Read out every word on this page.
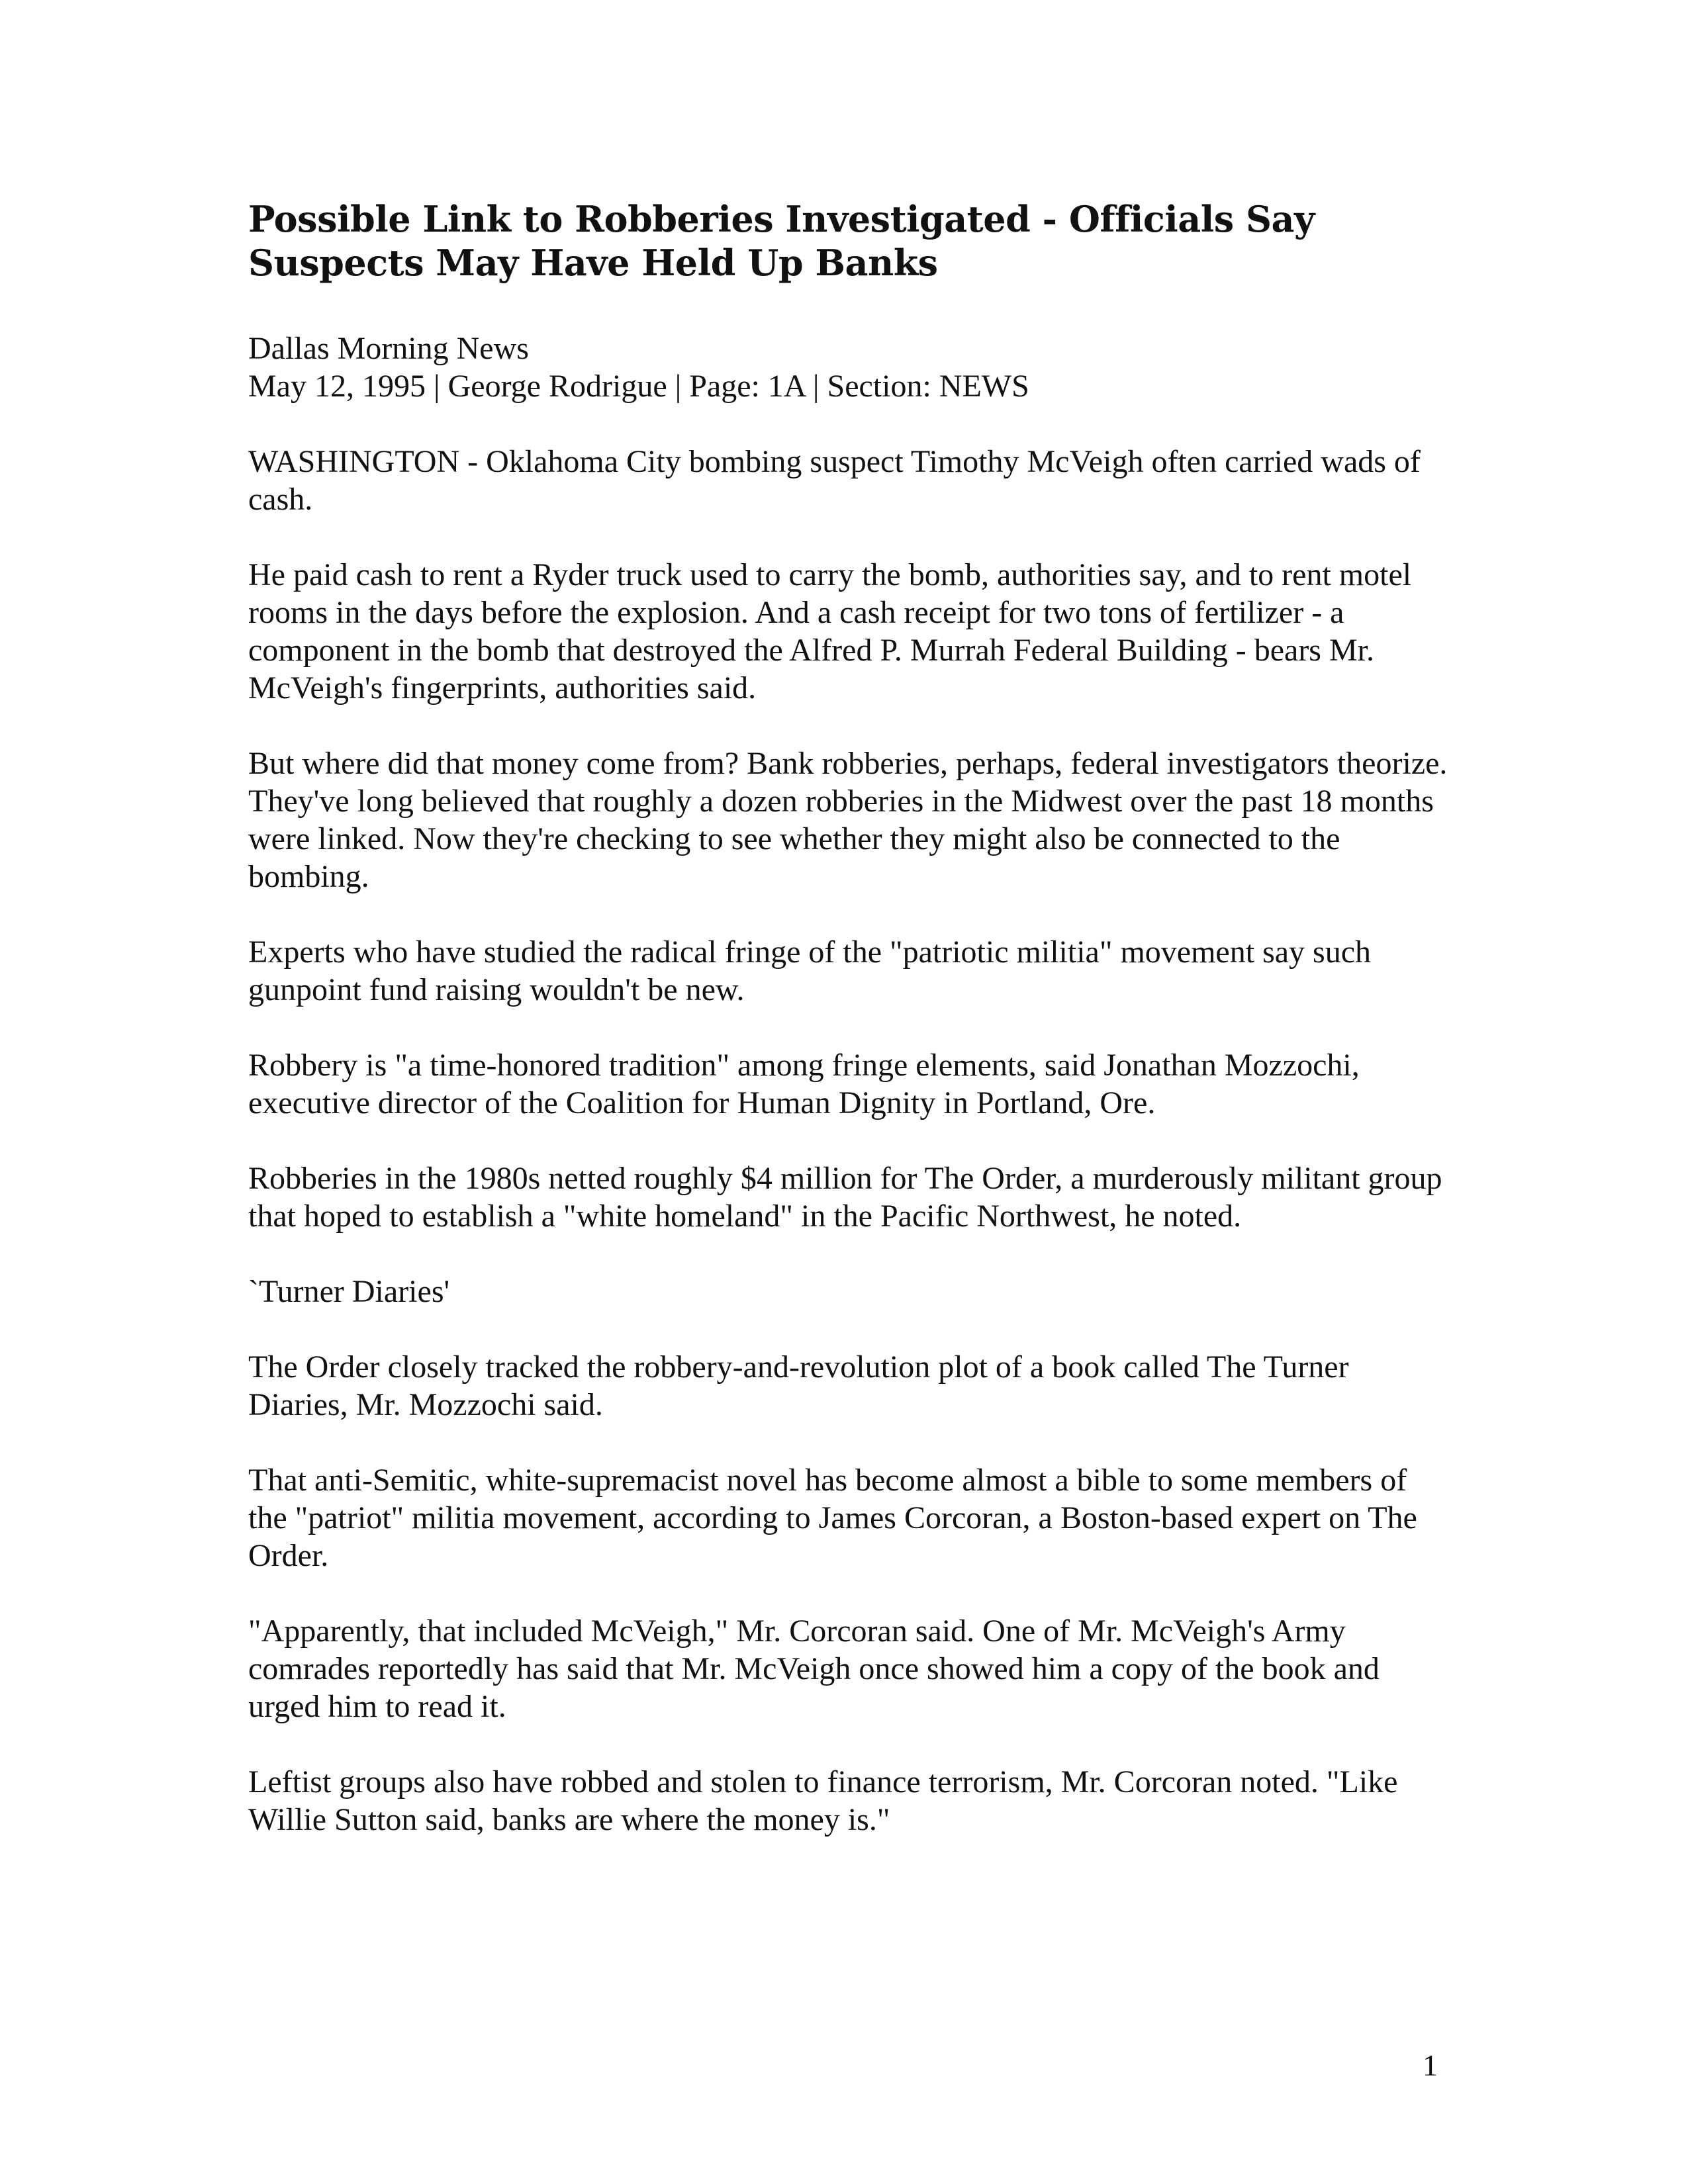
Possible Link to Robberies Investigated - Officials Say Suspects May Have Held Up Banks
Dallas Morning News
May 12, 1995 | George Rodrigue | Page: 1A | Section: NEWS

WASHINGTON - Oklahoma City bombing suspect Timothy McVeigh often carried wads of cash.

He paid cash to rent a Ryder truck used to carry the bomb, authorities say, and to rent motel rooms in the days before the explosion. And a cash receipt for two tons of fertilizer - a component in the bomb that destroyed the Alfred P. Murrah Federal Building - bears Mr. McVeigh's fingerprints, authorities said.

But where did that money come from? Bank robberies, perhaps, federal investigators theorize. They've long believed that roughly a dozen robberies in the Midwest over the past 18 months were linked. Now they're checking to see whether they might also be connected to the bombing.

Experts who have studied the radical fringe of the "patriotic militia" movement say such gunpoint fund raising wouldn't be new.

Robbery is "a time-honored tradition" among fringe elements, said Jonathan Mozzochi, executive director of the Coalition for Human Dignity in Portland, Ore.

Robberies in the 1980s netted roughly $4 million for The Order, a murderously militant group that hoped to establish a "white homeland" in the Pacific Northwest, he noted.

`Turner Diaries'

The Order closely tracked the robbery-and-revolution plot of a book called The Turner Diaries, Mr. Mozzochi said.

That anti-Semitic, white-supremacist novel has become almost a bible to some members of the "patriot" militia movement, according to James Corcoran, a Boston-based expert on The Order.

"Apparently, that included McVeigh," Mr. Corcoran said. One of Mr. McVeigh's Army comrades reportedly has said that Mr. McVeigh once showed him a copy of the book and urged him to read it.

Leftist groups also have robbed and stolen to finance terrorism, Mr. Corcoran noted. "Like Willie Sutton said, banks are where the money is."

1
